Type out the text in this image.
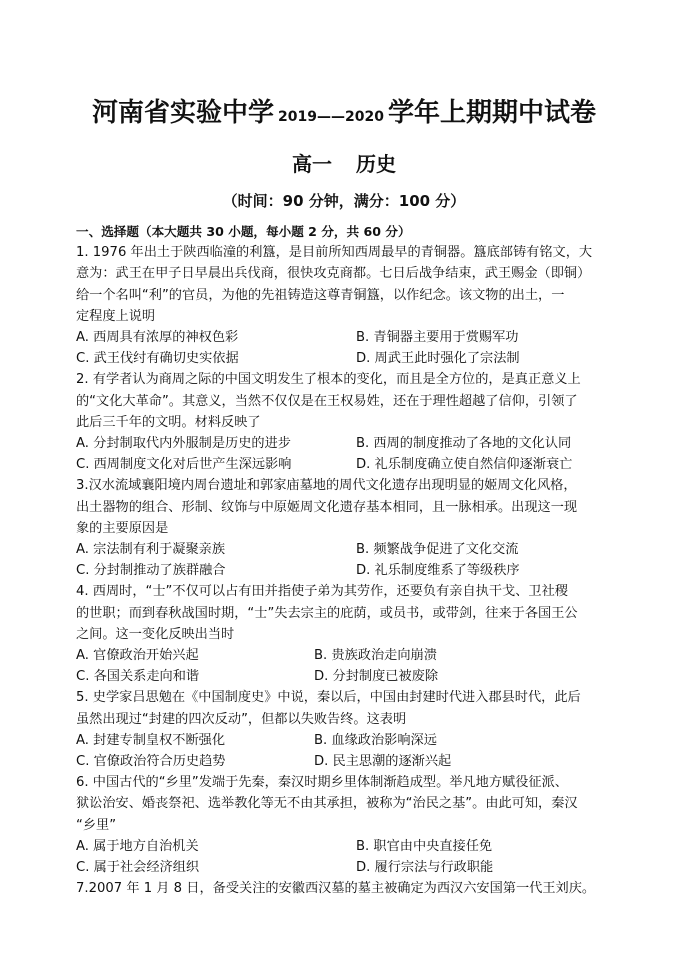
河南省实验中学 2019——2020 学年上期期中试卷
高一 历史
（时间：90 分钟，满分：100 分）
一、选择题（本大题共 30 小题，每小题 2 分，共 60 分）
1. 1976 年出土于陕西临潼的利簋，是目前所知西周最早的青铜器。簋底部铸有铭文，大
意为：武王在甲子日早晨出兵伐商，很快攻克商都。七日后战争结束，武王赐金（即铜）
给一个名叫“利”的官员，为他的先祖铸造这尊青铜簋，以作纪念。该文物的出土，一
定程度上说明
A. 西周具有浓厚的神权色彩	B. 青铜器主要用于赏赐军功
C. 武王伐纣有确切史实依据	D. 周武王此时强化了宗法制
2. 有学者认为商周之际的中国文明发生了根本的变化，而且是全方位的，是真正意义上
的“文化大革命”。其意义，当然不仅仅是在王权易姓，还在于理性超越了信仰，引领了
此后三千年的文明。材料反映了
A. 分封制取代内外服制是历史的进步	B. 西周的制度推动了各地的文化认同
C. 西周制度文化对后世产生深远影响	D. 礼乐制度确立使自然信仰逐渐衰亡
3.汉水流域襄阳境内周台遗址和郭家庙墓地的周代文化遗存出现明显的姬周文化风格，
出土器物的组合、形制、纹饰与中原姬周文化遗存基本相同，且一脉相承。出现这一现
象的主要原因是
A. 宗法制有利于凝聚亲族	B. 频繁战争促进了文化交流
C. 分封制推动了族群融合	D. 礼乐制度维系了等级秩序
4. 西周时，“士”不仅可以占有田并指使子弟为其劳作，还要负有亲自执干戈、卫社稷
的世职；而到春秋战国时期，“士”失去宗主的庇荫，或员书，或带剑，往来于各国王公
之间。这一变化反映出当时
A. 官僚政治开始兴起	B. 贵族政治走向崩溃
C. 各国关系走向和谐	D. 分封制度已被废除
5. 史学家吕思勉在《中国制度史》中说，秦以后，中国由封建时代进入郡县时代，此后
虽然出现过“封建的四次反动”，但都以失败告终。这表明
A. 封建专制皇权不断强化	B. 血缘政治影响深远
C. 官僚政治符合历史趋势	D. 民主思潮的逐渐兴起
6. 中国古代的“乡里”发端于先秦，秦汉时期乡里体制渐趋成型。举凡地方赋役征派、
狱讼治安、婚丧祭祀、选举教化等无不由其承担，被称为“治民之基”。由此可知，秦汉
“乡里”
A. 属于地方自治机关	B. 职官由中央直接任免
C. 属于社会经济组织	D. 履行宗法与行政职能
7.2007 年 1 月 8 日，备受关注的安徽西汉墓的墓主被确定为西汉六安国第一代王刘庆。
